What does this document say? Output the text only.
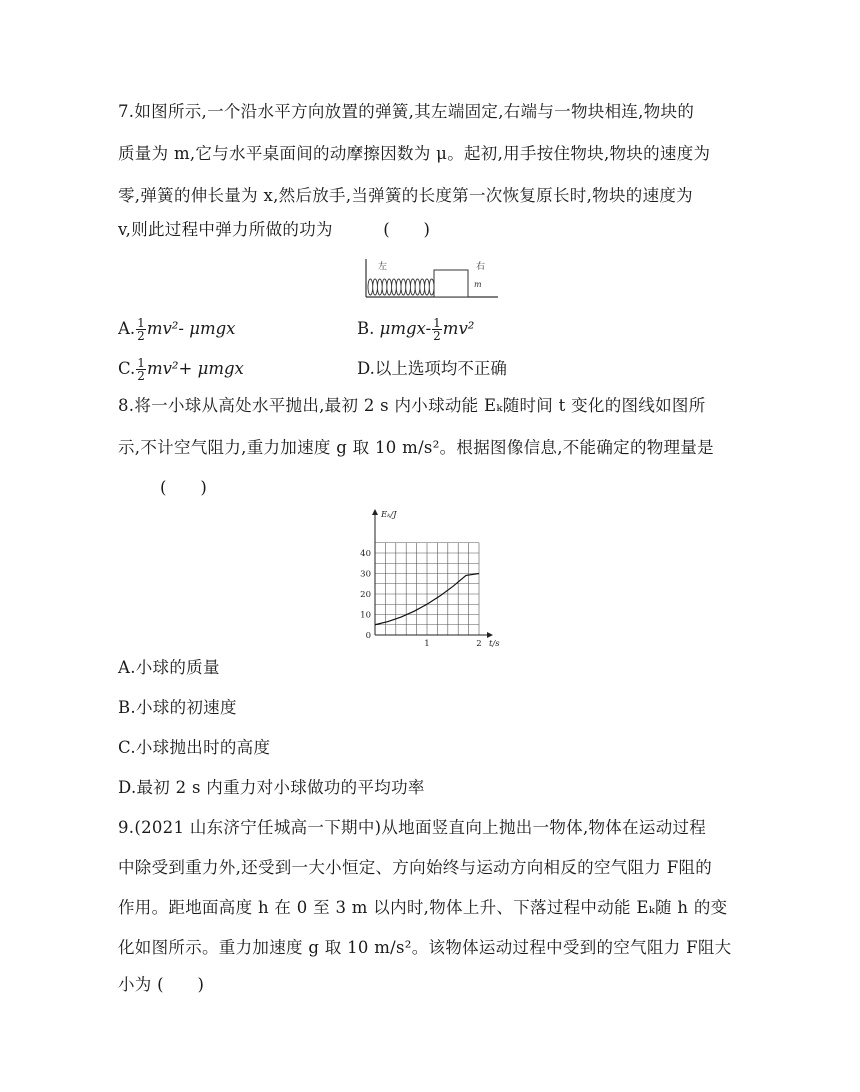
7.如图所示,一个沿水平方向放置的弹簧,其左端固定,右端与一物块相连,物块的
质量为 m,它与水平桌面间的动摩擦因数为 μ。起初,用手按住物块,物块的速度为
零,弹簧的伸长量为 x,然后放手,当弹簧的长度第一次恢复原长时,物块的速度为
v,则此过程中弹力所做的功为　　　(　　)
左	右
m
A. $\frac{1}{2} mv^2-$ μmgx	B. $\mu mgx- \frac{1}{2} mv^2$
C. $\frac{1}{2} mv^2+ \mu mgx$	D.以上选项均不正确
8.将一小球从高处水平抛出,最初 2 s 内小球动能 Eₖ随时间 t 变化的图线如图所
示,不计空气阻力,重力加速度 g 取 10 m/s²。根据图像信息,不能确定的物理量是
(　　)
0
10
20
30
40
1	2
Eₖ/J
t/s
A.小球的质量
B.小球的初速度
C.小球抛出时的高度
D.最初 2 s 内重力对小球做功的平均功率
9.(2021 山东济宁任城高一下期中)从地面竖直向上抛出一物体,物体在运动过程
中除受到重力外,还受到一大小恒定、方向始终与运动方向相反的空气阻力 F阻的
作用。距地面高度 h 在 0 至 3 m 以内时,物体上升、下落过程中动能 Eₖ随 h 的变
化如图所示。重力加速度 g 取 10 m/s²。该物体运动过程中受到的空气阻力 F阻大
小为 (　　)
